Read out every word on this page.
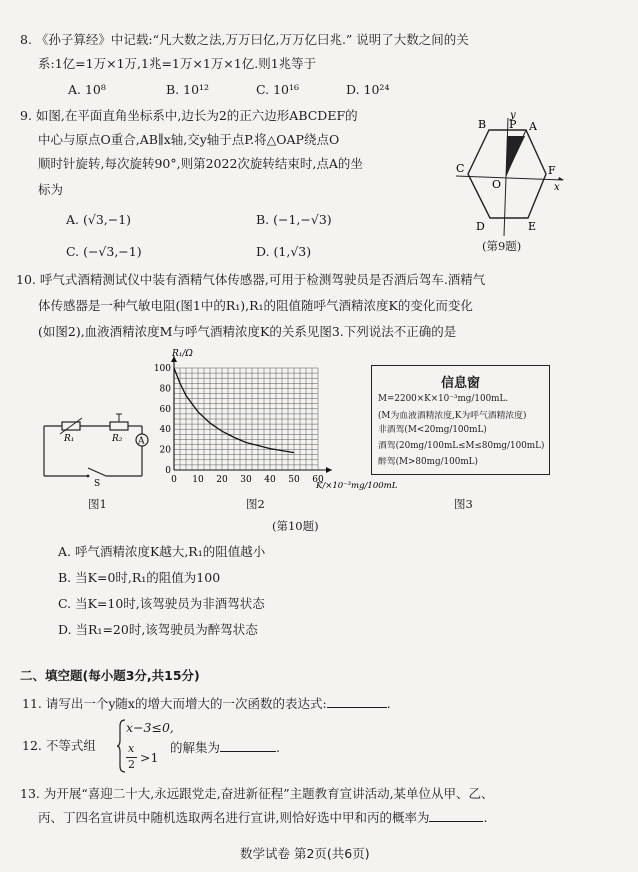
8. 《孙子算经》中记载:“凡大数之法,万万曰亿,万万亿曰兆.” 说明了大数之间的关
系:1亿=1万×1万,1兆=1万×1万×1亿.则1兆等于
A. 10⁸	B. 10¹²	C. 10¹⁶	D. 10²⁴
9. 如图,在平面直角坐标系中,边长为2的正六边形ABCDEF的
中心与原点O重合,AB∥x轴,交y轴于点P.将△OAP绕点O
顺时针旋转,每次旋转90°,则第2022次旋转结束时,点A的坐
标为
A. (√3,−1)	B. (−1,−√3)
C. (−√3,−1)	D. (1,√3)
B P A
C
O
F
x
D	E
y
(第9题)
10. 呼气式酒精测试仪中装有酒精气体传感器,可用于检测驾驶员是否酒后驾车.酒精气
体传感器是一种气敏电阻(图1中的R₁),R₁的阻值随呼气酒精浓度K的变化而变化
(如图2),血液酒精浓度M与呼气酒精浓度K的关系见图3.下列说法不正确的是
A
R₁	R₂
S
图1
0 10 20 30 40 50 60
0
20
40
60
80
100
R₁/Ω
K/×10⁻³mg/100mL
图2
信息窗
M=2200×K×10⁻³mg/100mL.
(M为血液酒精浓度,K为呼气酒精浓度)
非酒驾(M<20mg/100mL)
酒驾(20mg/100mL≤M≤80mg/100mL)
醉驾(M>80mg/100mL)
图3
(第10题)
A. 呼气酒精浓度K越大,R₁的阻值越小
B. 当K=0时,R₁的阻值为100
C. 当K=10时,该驾驶员为非酒驾状态
D. 当R₁=20时,该驾驶员为醉驾状态
二、填空题(每小题3分,共15分)
11. 请写出一个y随x的增大而增大的一次函数的表达式:	.
12. 不等式组
x−3≤0,
x
2 >1
的解集为	.
13. 为开展“喜迎二十大,永远跟党走,奋进新征程”主题教育宣讲活动,某单位从甲、乙、
丙、丁四名宣讲员中随机选取两名进行宣讲,则恰好选中甲和丙的概率为	.
数学试卷 第2页(共6页)
